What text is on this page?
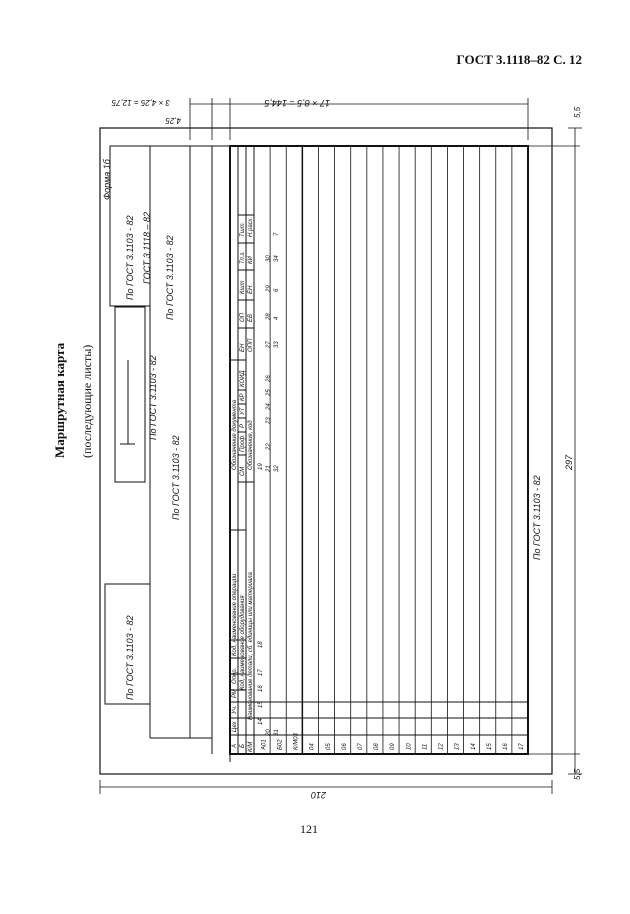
ГОСТ 3.1118–82 С. 12
Маршрутная карта	(последующие листы)
А01 Б02 К/М03 04 05 06 07 08 09 10 11 12 13 14 15 16 17
210
297
17 × 8,5 = 144,5
3 × 4,25 = 12,75
4,25
5,5
5,5
ГОСТ 3.1118 – 82
Форма 1б
По ГОСТ 3.1103 - 82
По ГОСТ 3.1103 - 82
По ГОСТ 3.1103 - 82
По ГОСТ 3.1103 - 82
По ГОСТ 3.1103 - 82	По ГОСТ 3.1103 - 82
А Б К/М
Цех
Уч.
РМ
Опер.
Код, наименование операции
Обозначение документа
Код, наименование оборудования
СМ
Проф.
Р
УТ
КР
КОИД
ЕН
ОП
Кшт
Тп.з.
Тшт.
Наименование детали, сб. единицы или материала
Обозначение, код
ОПП
ЕВ
ЕН
КИ
Н.расх.
14
15
16
17
18
19
20
21
22
23
24
25
26
27
28
29
30
31
32
33
4
6
34
7
121
